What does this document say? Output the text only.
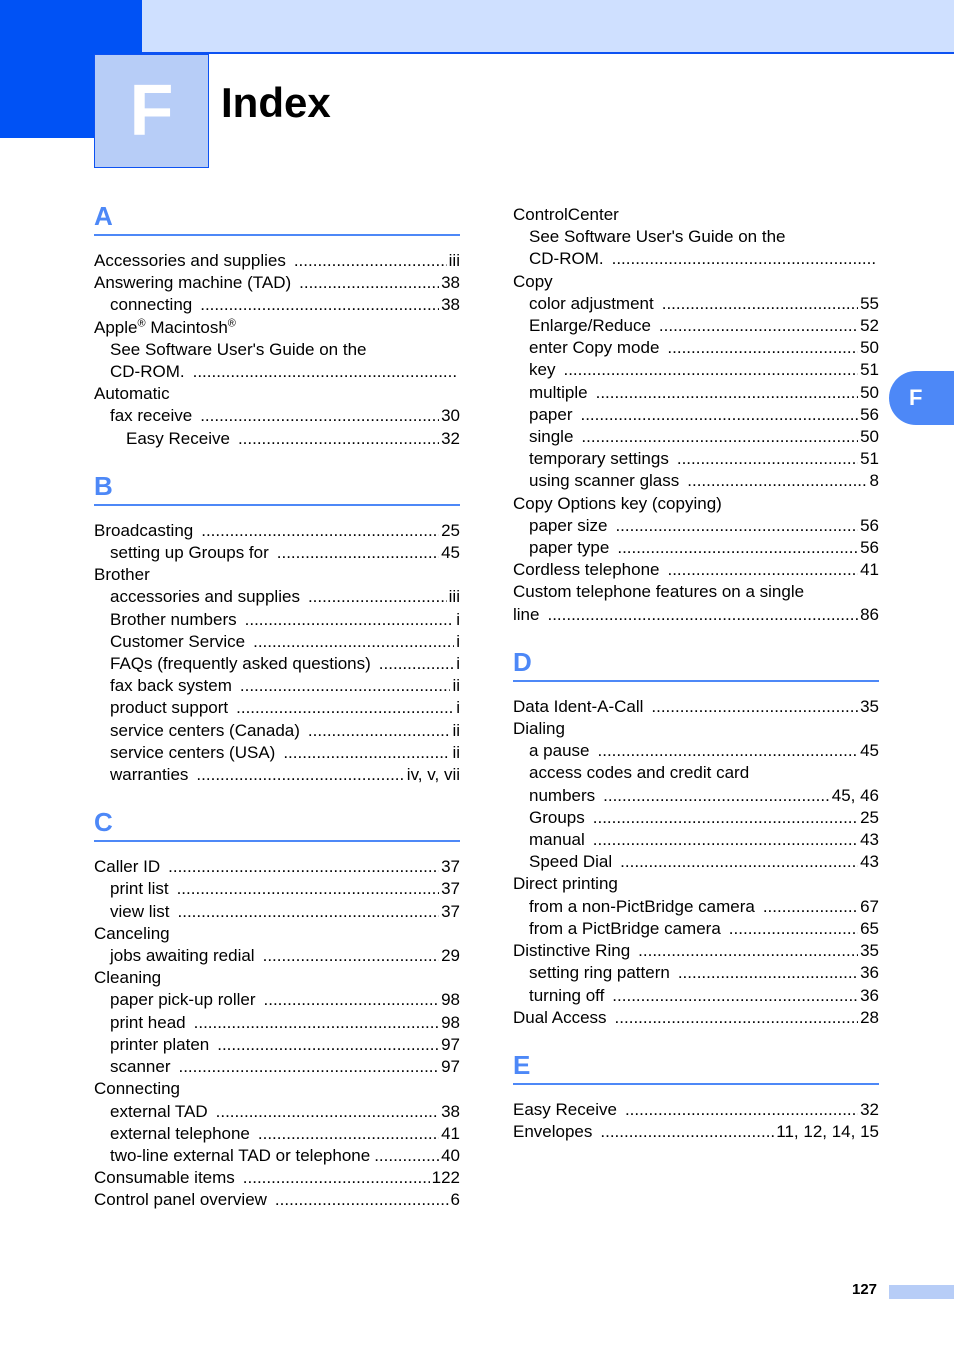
F Index
F
A
Accessories and supplies .....	iii
Answering machine (TAD) .....	38
connecting .....	38
Apple® Macintosh®
See Software User's Guide on the
CD-ROM.
.....
Automatic
fax receive .....	30
Easy Receive .....	32
B
Broadcasting .....	25
setting up Groups for .....	45
Brother
accessories and supplies .....	iii
Brother numbers .....	i
Customer Service .....	i
FAQs (frequently asked questions) .....	i
fax back system .....	ii
product support .....	i
service centers (Canada) .....	ii
service centers (USA) .....	ii
warranties .....	iv, v, vii
C
Caller ID .....	37
print list .....	37
view list .....	37
Canceling
jobs awaiting redial .....	29
Cleaning
paper pick-up roller .....	98
print head .....	98
printer platen .....	97
scanner .....	97
Connecting
external TAD .....	38
external telephone .....	41
two-line external TAD or telephone .....	40
Consumable items .....	122
Control panel overview .....	6
ControlCenter
See Software User's Guide on the
CD-ROM.
.....
Copy
color adjustment .....	55
Enlarge/Reduce .....	52
enter Copy mode .....	50
key .....	51
multiple .....	50
paper .....	56
single .....	50
temporary settings .....	51
using scanner glass .....	8
Copy Options key (copying)
paper size .....	56
paper type .....	56
Cordless telephone .....	41
Custom telephone features on a single
line .....	86
D
Data Ident-A-Call .....	35
Dialing
a pause .....	45
access codes and credit card
numbers .....	45, 46
Groups .....	25
manual .....	43
Speed Dial .....	43
Direct printing
from a non-PictBridge camera .....	67
from a PictBridge camera .....	65
Distinctive Ring .....	35
setting ring pattern .....	36
turning off .....	36
Dual Access .....	28
E
Easy Receive .....	32
Envelopes .....	11, 12, 14, 15
127
